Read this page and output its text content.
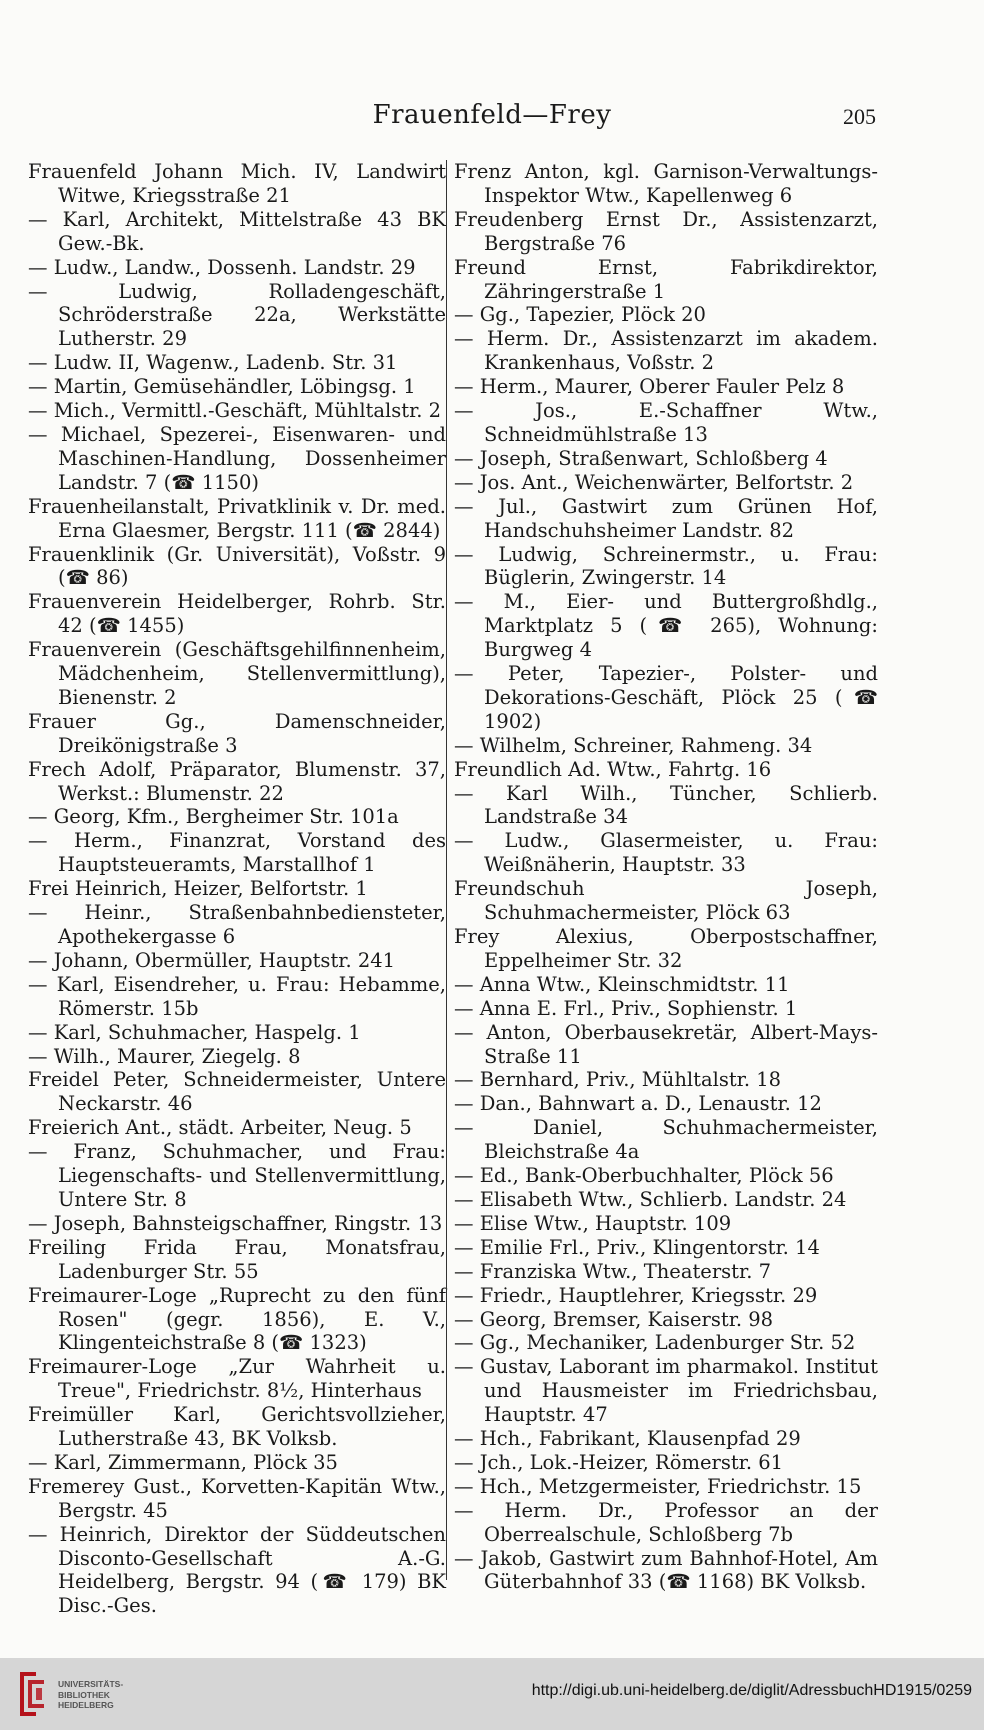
Frauenfeld—Frey	205

Frauenfeld Johann Mich. IV, Landwirt Witwe, Kriegsstraße 21

— Karl, Architekt, Mittelstraße 43 BK Gew.-Bk.

— Ludw., Landw., Dossenh. Landstr. 29

— Ludwig, Rolladengeschäft, Schröderstraße 22a, Werkstätte Lutherstr. 29

— Ludw. II, Wagenw., Ladenb. Str. 31

— Martin, Gemüsehändler, Löbingsg. 1

— Mich., Vermittl.-Geschäft, Mühltalstr. 2

— Michael, Spezerei-, Eisenwaren- und Maschinen-Handlung, Dossenheimer Landstr. 7 (☎ 1150)

Frauenheilanstalt, Privatklinik v. Dr. med. Erna Glaesmer, Bergstr. 111 (☎ 2844)

Frauenklinik (Gr. Universität), Voßstr. 9 (☎ 86)

Frauenverein Heidelberger, Rohrb. Str. 42 (☎ 1455)

Frauenverein (Geschäftsgehilfinnenheim, Mädchenheim, Stellenvermittlung), Bienenstr. 2

Frauer Gg., Damenschneider, Dreikönigstraße 3

Frech Adolf, Präparator, Blumenstr. 37, Werkst.: Blumenstr. 22

— Georg, Kfm., Bergheimer Str. 101a

— Herm., Finanzrat, Vorstand des Hauptsteueramts, Marstallhof 1

Frei Heinrich, Heizer, Belfortstr. 1

— Heinr., Straßenbahnbediensteter, Apothekergasse 6

— Johann, Obermüller, Hauptstr. 241

— Karl, Eisendreher, u. Frau: Hebamme, Römerstr. 15b

— Karl, Schuhmacher, Haspelg. 1

— Wilh., Maurer, Ziegelg. 8

Freidel Peter, Schneidermeister, Untere Neckarstr. 46

Freierich Ant., städt. Arbeiter, Neug. 5

— Franz, Schuhmacher, und Frau: Liegenschafts- und Stellenvermittlung, Untere Str. 8

— Joseph, Bahnsteigschaffner, Ringstr. 13

Freiling Frida Frau, Monatsfrau, Ladenburger Str. 55

Freimaurer-Loge „Ruprecht zu den fünf Rosen" (gegr. 1856), E. V., Klingenteichstraße 8 (☎ 1323)

Freimaurer-Loge „Zur Wahrheit u. Treue", Friedrichstr. 8½, Hinterhaus

Freimüller Karl, Gerichtsvollzieher, Lutherstraße 43, BK Volksb.

— Karl, Zimmermann, Plöck 35

Fremerey Gust., Korvetten-Kapitän Wtw., Bergstr. 45

— Heinrich, Direktor der Süddeutschen Disconto-Gesellschaft A.-G. Heidelberg, Bergstr. 94 (☎ 179) BK Disc.-Ges.

Frenz Anton, kgl. Garnison-Verwaltungs-Inspektor Wtw., Kapellenweg 6

Freudenberg Ernst Dr., Assistenzarzt, Bergstraße 76

Freund Ernst, Fabrikdirektor, Zähringerstraße 1

— Gg., Tapezier, Plöck 20

— Herm. Dr., Assistenzarzt im akadem. Krankenhaus, Voßstr. 2

— Herm., Maurer, Oberer Fauler Pelz 8

— Jos., E.-Schaffner Wtw., Schneidmühlstraße 13

— Joseph, Straßenwart, Schloßberg 4

— Jos. Ant., Weichenwärter, Belfortstr. 2

— Jul., Gastwirt zum Grünen Hof, Handschuhsheimer Landstr. 82

— Ludwig, Schreinermstr., u. Frau: Büglerin, Zwingerstr. 14

— M., Eier- und Buttergroßhdlg., Marktplatz 5 (☎ 265), Wohnung: Burgweg 4

— Peter, Tapezier-, Polster- und Dekorations-Geschäft, Plöck 25 (☎ 1902)

— Wilhelm, Schreiner, Rahmeng. 34

Freundlich Ad. Wtw., Fahrtg. 16

— Karl Wilh., Tüncher, Schlierb. Landstraße 34

— Ludw., Glasermeister, u. Frau: Weißnäherin, Hauptstr. 33

Freundschuh Joseph, Schuhmachermeister, Plöck 63

Frey Alexius, Oberpostschaffner, Eppelheimer Str. 32

— Anna Wtw., Kleinschmidtstr. 11

— Anna E. Frl., Priv., Sophienstr. 1

— Anton, Oberbausekretär, Albert-Mays-Straße 11

— Bernhard, Priv., Mühltalstr. 18

— Dan., Bahnwart a. D., Lenaustr. 12

— Daniel, Schuhmachermeister, Bleichstraße 4a

— Ed., Bank-Oberbuchhalter, Plöck 56

— Elisabeth Wtw., Schlierb. Landstr. 24

— Elise Wtw., Hauptstr. 109

— Emilie Frl., Priv., Klingentorstr. 14

— Franziska Wtw., Theaterstr. 7

— Friedr., Hauptlehrer, Kriegsstr. 29

— Georg, Bremser, Kaiserstr. 98

— Gg., Mechaniker, Ladenburger Str. 52

— Gustav, Laborant im pharmakol. Institut und Hausmeister im Friedrichsbau, Hauptstr. 47

— Hch., Fabrikant, Klausenpfad 29

— Jch., Lok.-Heizer, Römerstr. 61

— Hch., Metzgermeister, Friedrichstr. 15

— Herm. Dr., Professor an der Oberrealschule, Schloßberg 7b

— Jakob, Gastwirt zum Bahnhof-Hotel, Am Güterbahnhof 33 (☎ 1168) BK Volksb.

UNIVERSITÄTS-
BIBLIOTHEK
HEIDELBERG
http://digi.ub.uni-heidelberg.de/diglit/AdressbuchHD1915/0259
